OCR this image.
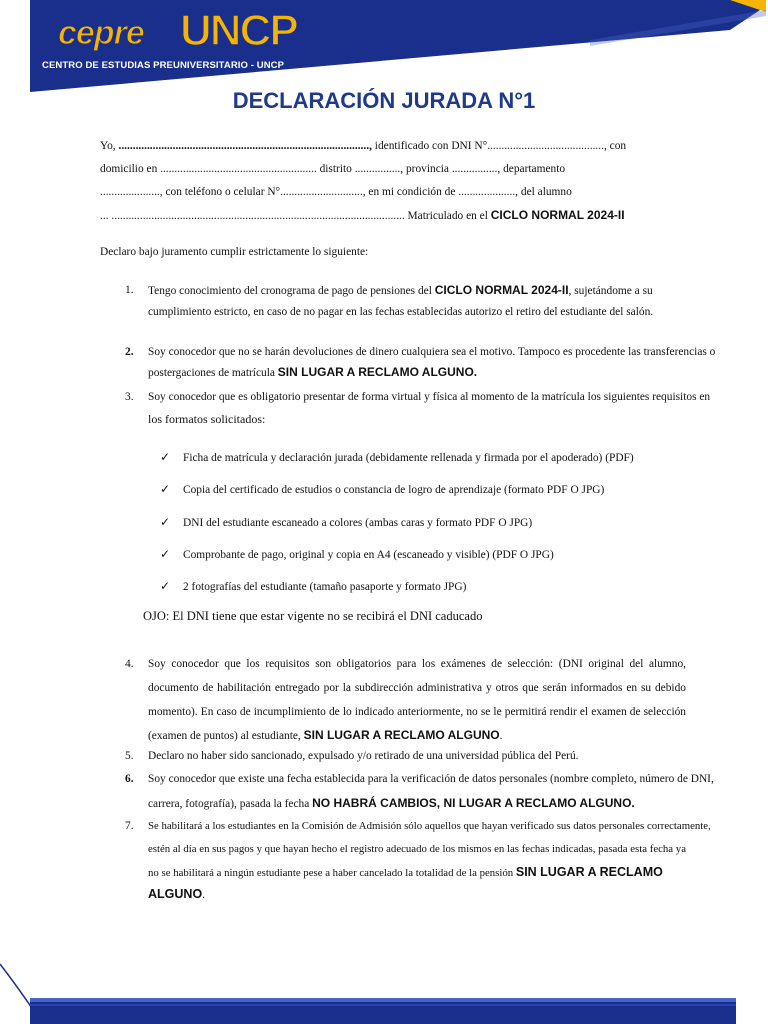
cepre UNCP
CENTRO DE ESTUDIAS PREUNIVERSITARIO - UNCP
DECLARACIÓN JURADA N°1
Yo, ........................................................................................, identificado con DNI N°........................................., con
domicilio en ....................................................... distrito ................, provincia ................, departamento
....................., con teléfono o celular N°............................., en mi condición de ...................., del alumno
... ....................................................................................................... Matriculado en el CICLO NORMAL 2024-II
Declaro bajo juramento cumplir estrictamente lo siguiente:
1. Tengo conocimiento del cronograma de pago de pensiones del CICLO NORMAL 2024-II, sujetándome a su
cumplimiento estricto, en caso de no pagar en las fechas establecidas autorizo el retiro del estudiante del salón.
2. Soy conocedor que no se harán devoluciones de dinero cualquiera sea el motivo. Tampoco es procedente las transferencias o
postergaciones de matrícula SIN LUGAR A RECLAMO ALGUNO.
3. Soy conocedor que es obligatorio presentar de forma virtual y física al momento de la matrícula los siguientes requisitos en
los formatos solicitados:
✓ Ficha de matrícula y declaración jurada (debidamente rellenada y firmada por el apoderado) (PDF)
✓ Copia del certificado de estudios o constancia de logro de aprendizaje (formato PDF O JPG)
✓ DNI del estudiante escaneado a colores (ambas caras y formato PDF O JPG)
✓ Comprobante de pago, original y copia en A4 (escaneado y visible) (PDF O JPG)
✓ 2 fotografías del estudiante (tamaño pasaporte y formato JPG)
OJO: El DNI tiene que estar vigente no se recibirá el DNI caducado
4. Soy conocedor que los requisitos son obligatorios para los exámenes de selección: (DNI original del alumno,
documento de habilitación entregado por la subdirección administrativa y otros que serán informados en su debido
momento). En caso de incumplimiento de lo indicado anteriormente, no se le permitirá rendir el examen de selección
(examen de puntos) al estudiante, SIN LUGAR A RECLAMO ALGUNO.
5. Declaro no haber sido sancionado, expulsado y/o retirado de una universidad pública del Perú.
6. Soy conocedor que existe una fecha establecida para la verificación de datos personales (nombre completo, número de DNI,
carrera, fotografía), pasada la fecha NO HABRÁ CAMBIOS, NI LUGAR A RECLAMO ALGUNO.
7. Se habilitará a los estudiantes en la Comisión de Admisión sólo aquellos que hayan verificado sus datos personales correctamente,
estén al día en sus pagos y que hayan hecho el registro adecuado de los mismos en las fechas indicadas, pasada esta fecha ya
no se habilitará a ningún estudiante pese a haber cancelado la totalidad de la pensión SIN LUGAR A RECLAMO
ALGUNO.
